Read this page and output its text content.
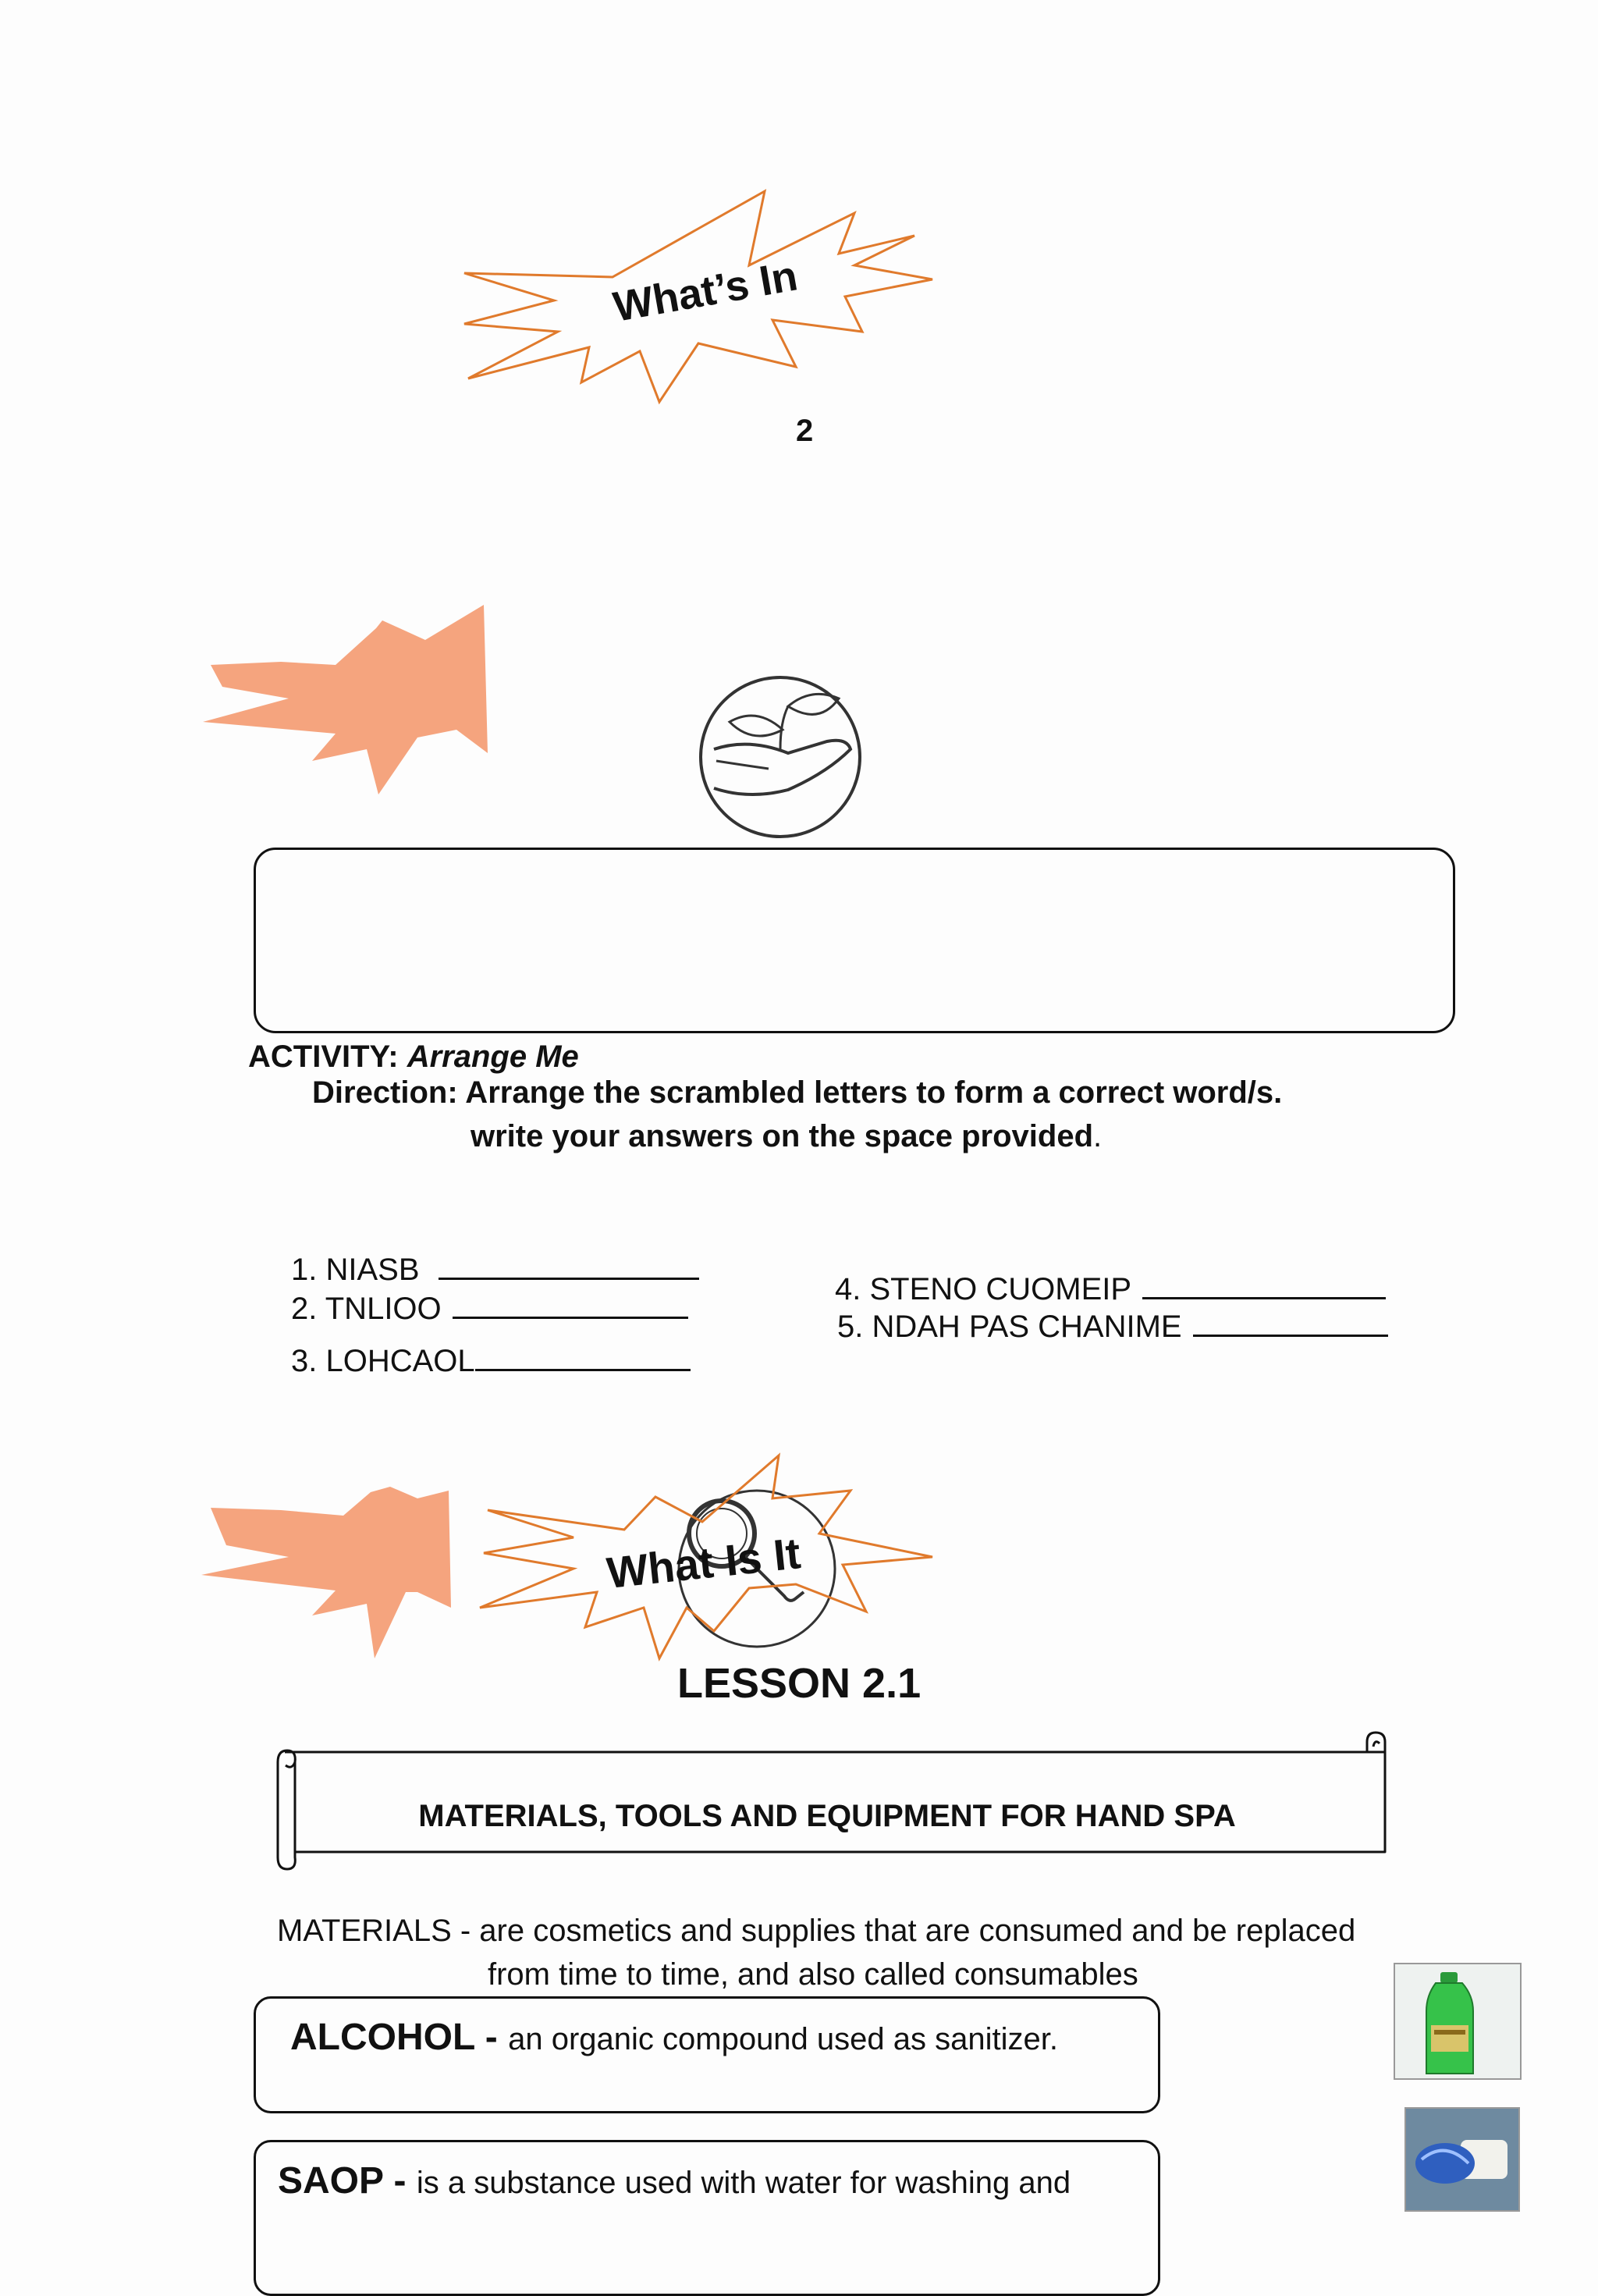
What’s In
2
ACTIVITY: Arrange Me
Direction: Arrange the scrambled letters to form a correct word/s.
write your answers on the space provided.
1. NIASB
2. TNLIOO
3. LOHCAOL
4. STENO CUOMEIP
5. NDAH PAS CHANIME
What Is It
LESSON 2.1
MATERIALS, TOOLS AND EQUIPMENT FOR HAND SPA
MATERIALS - are cosmetics and supplies that are consumed and be replaced
from time to time, and also called consumables
ALCOHOL - an organic compound used as sanitizer.
SAOP - is a substance used with water for washing and
